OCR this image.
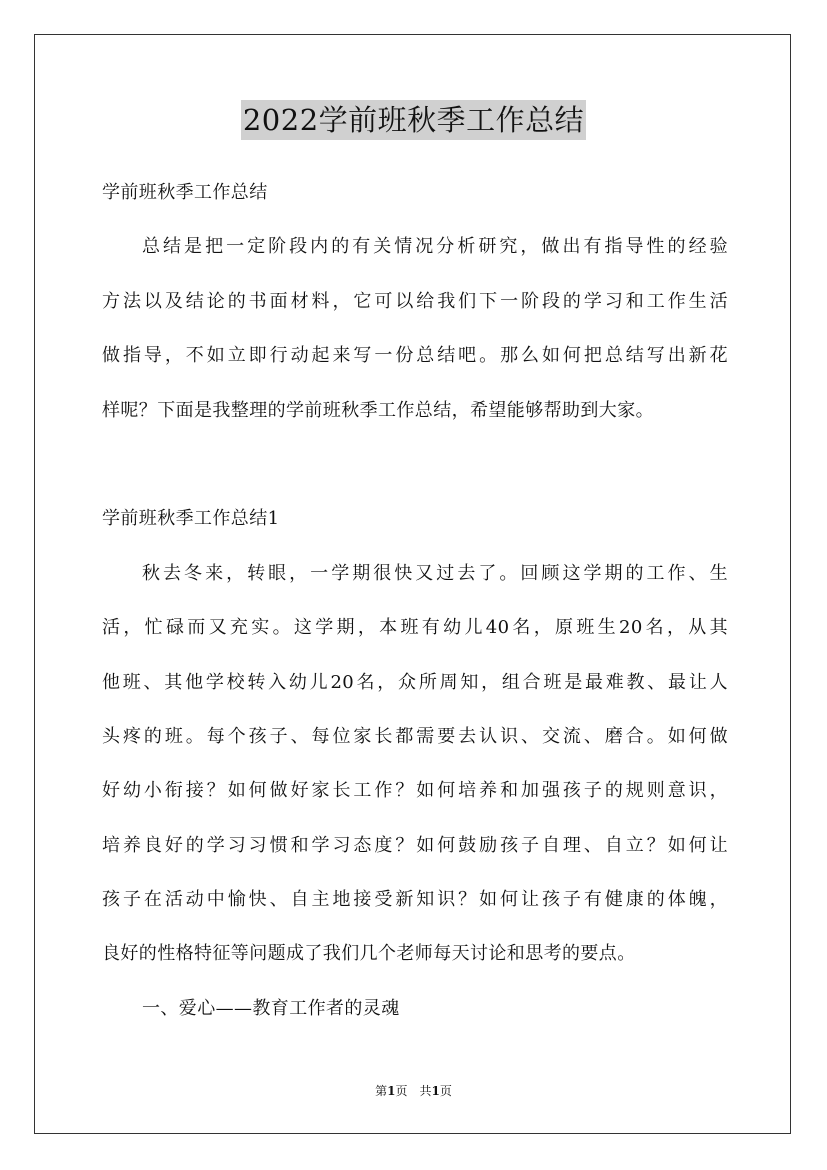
2022学前班秋季工作总结
学前班秋季工作总结
总结是把一定阶段内的有关情况分析研究，做出有指导性的经验
方法以及结论的书面材料，它可以给我们下一阶段的学习和工作生活
做指导，不如立即行动起来写一份总结吧。那么如何把总结写出新花
样呢？下面是我整理的学前班秋季工作总结，希望能够帮助到大家。
学前班秋季工作总结1
秋去冬来，转眼，一学期很快又过去了。回顾这学期的工作、生
活，忙碌而又充实。这学期，本班有幼儿40名，原班生20名，从其
他班、其他学校转入幼儿20名，众所周知，组合班是最难教、最让人
头疼的班。每个孩子、每位家长都需要去认识、交流、磨合。如何做
好幼小衔接？如何做好家长工作？如何培养和加强孩子的规则意识，
培养良好的学习习惯和学习态度？如何鼓励孩子自理、自立？如何让
孩子在活动中愉快、自主地接受新知识？如何让孩子有健康的体魄，
良好的性格特征等问题成了我们几个老师每天讨论和思考的要点。
一、爱心——教育工作者的灵魂
第1页　共1页
